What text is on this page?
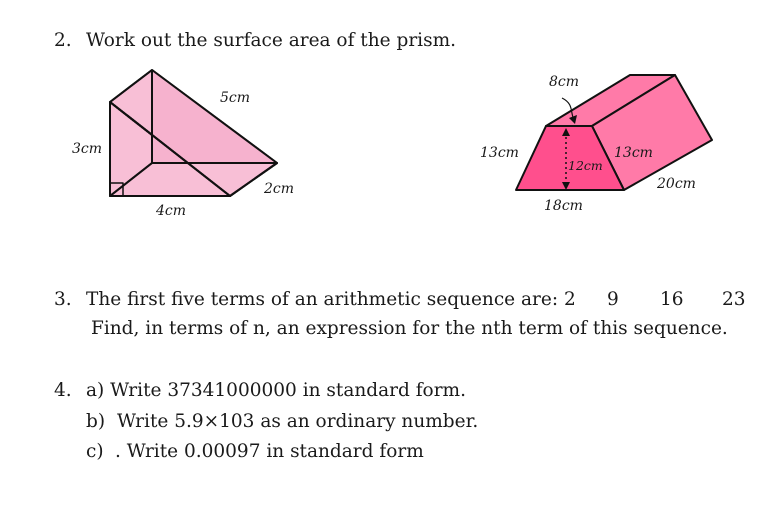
2. Work out the surface area of the prism.
3cm
5cm
4cm
2cm
8cm
13cm	13cm
12cm
18cm
20cm
3. The first five terms of an arithmetic sequence are: 2 9 16 23
Find, in terms of n, an expression for the nth term of this sequence.
4. a) Write 37341000000 in standard form.
b) Write 5.9×103 as an ordinary number.
c) . Write 0.00097 in standard form
